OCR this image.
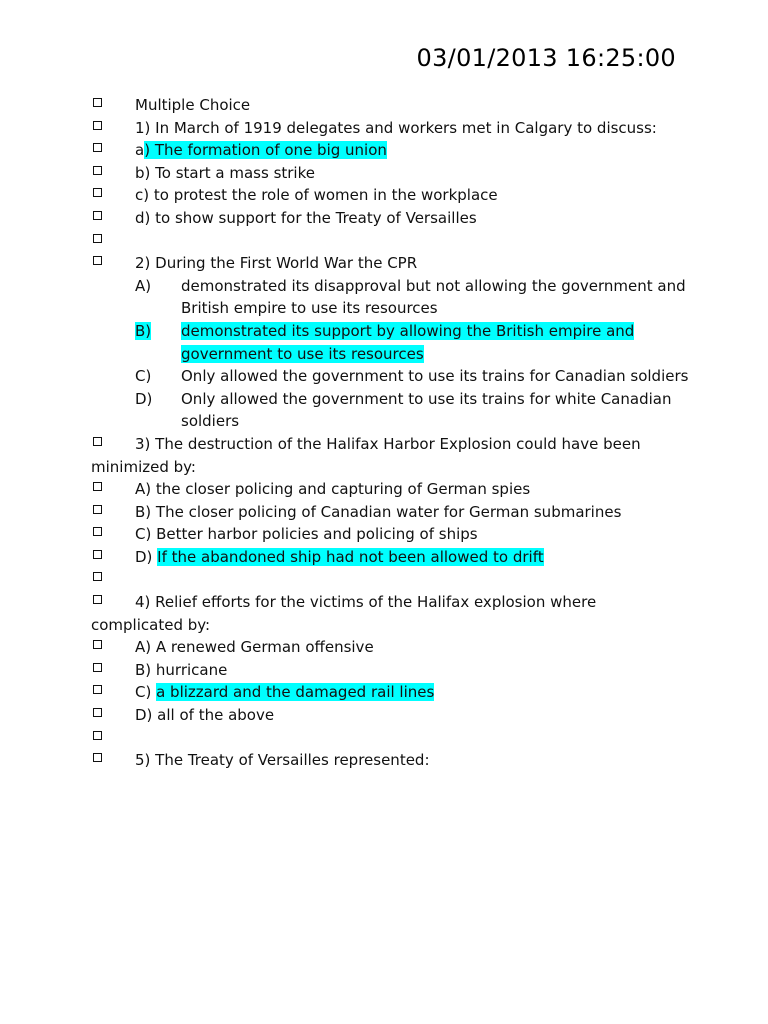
03/01/2013 16:25:00
Multiple Choice
1) In March of 1919 delegates and workers met in Calgary to discuss:
a) The formation of one big union
b) To start a mass strike
c) to protest the role of women in the workplace
d) to show support for the Treaty of Versailles
2) During the First World War the CPR
A)	demonstrated its disapproval but not allowing the government and British empire to use its resources
B)	demonstrated its support by allowing the British empire and government to use its resources
C)	Only allowed the government to use its trains for Canadian soldiers
D)	Only allowed the government to use its trains for white Canadian soldiers
3) The destruction of the Halifax Harbor Explosion could have been
minimized by:
A) the closer policing and capturing of German spies
B) The closer policing of Canadian water for German submarines
C) Better harbor policies and policing of ships
D) If the abandoned ship had not been allowed to drift
4) Relief efforts for the victims of the Halifax explosion where
complicated by:
A) A renewed German offensive
B) hurricane
C) a blizzard and the damaged rail lines
D) all of the above
5) The Treaty of Versailles represented:
